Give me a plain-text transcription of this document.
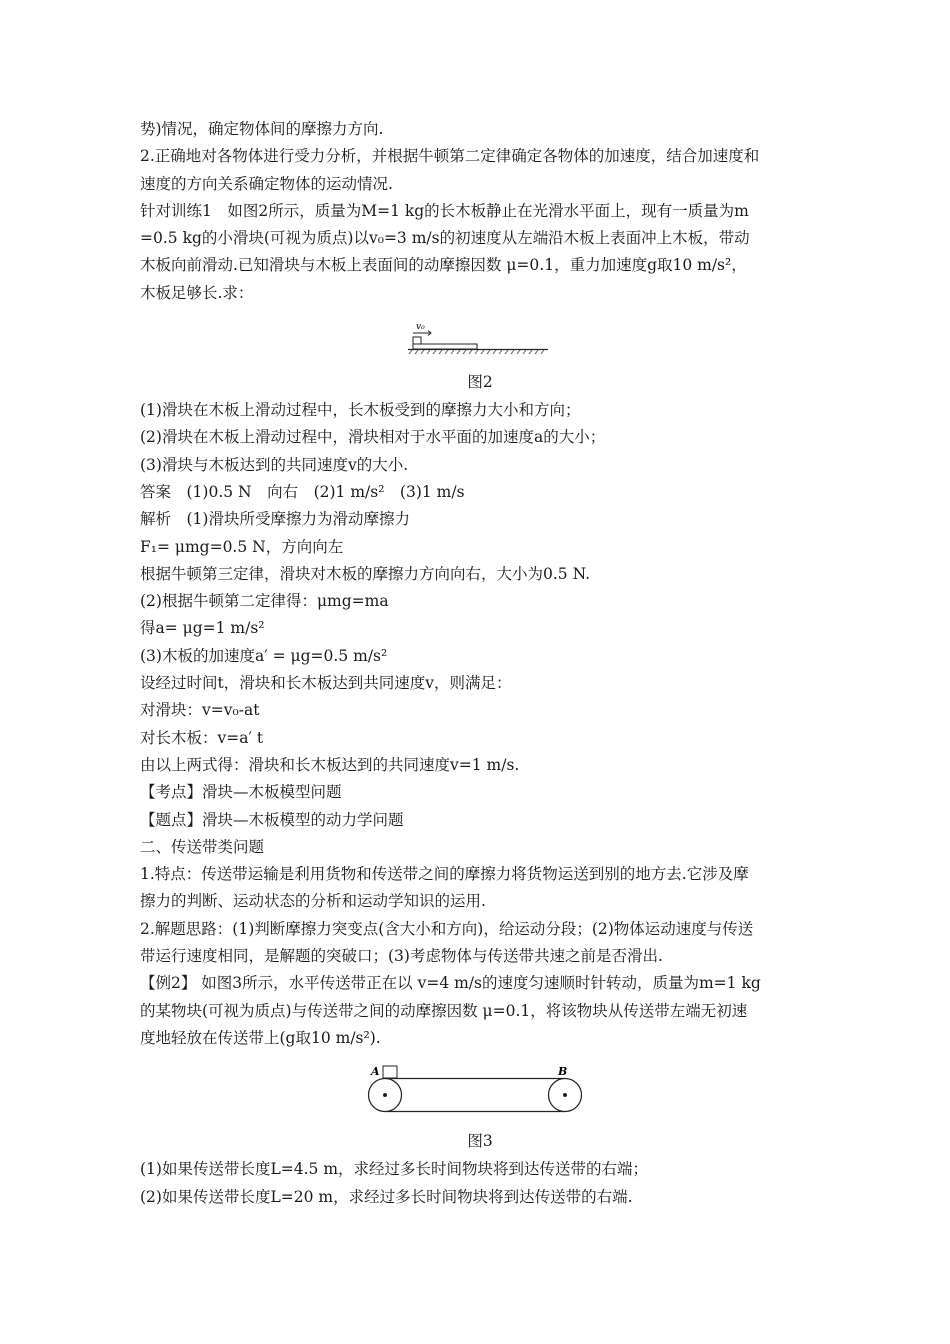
势)情况，确定物体间的摩擦力方向.

2.正确地对各物体进行受力分析，并根据牛顿第二定律确定各物体的加速度，结合加速度和

速度的方向关系确定物体的运动情况.

针对训练1　如图2所示，质量为M=1 kg的长木板静止在光滑水平面上，现有一质量为m

=0.5 kg的小滑块(可视为质点)以v₀=3 m/s的初速度从左端沿木板上表面冲上木板，带动

木板向前滑动.已知滑块与木板上表面间的动摩擦因数 μ=0.1，重力加速度g取10 m/s²，

木板足够长.求：

v₀

图2

(1)滑块在木板上滑动过程中，长木板受到的摩擦力大小和方向；

(2)滑块在木板上滑动过程中，滑块相对于水平面的加速度a的大小；

(3)滑块与木板达到的共同速度v的大小.

答案　(1)0.5 N　向右　(2)1 m/s²　(3)1 m/s

解析　(1)滑块所受摩擦力为滑动摩擦力

F₁= μmg=0.5 N，方向向左

根据牛顿第三定律，滑块对木板的摩擦力方向向右，大小为0.5 N.

(2)根据牛顿第二定律得：μmg=ma

得a= μg=1 m/s²

(3)木板的加速度a′ = μg=0.5 m/s²

设经过时间t，滑块和长木板达到共同速度v，则满足：

对滑块：v=v₀-at

对长木板：v=a′ t

由以上两式得：滑块和长木板达到的共同速度v=1 m/s.

【考点】滑块—木板模型问题

【题点】滑块—木板模型的动力学问题

二、传送带类问题

1.特点：传送带运输是利用货物和传送带之间的摩擦力将货物运送到别的地方去.它涉及摩

擦力的判断、运动状态的分析和运动学知识的运用.

2.解题思路：(1)判断摩擦力突变点(含大小和方向)，给运动分段；(2)物体运动速度与传送

带运行速度相同，是解题的突破口；(3)考虑物体与传送带共速之前是否滑出.

【例2】 如图3所示，水平传送带正在以 v=4 m/s的速度匀速顺时针转动，质量为m=1 kg

的某物块(可视为质点)与传送带之间的动摩擦因数 μ=0.1，将该物块从传送带左端无初速

度地轻放在传送带上(g取10 m/s²).

A	B

图3

(1)如果传送带长度L=4.5 m，求经过多长时间物块将到达传送带的右端；

(2)如果传送带长度L=20 m，求经过多长时间物块将到达传送带的右端.
